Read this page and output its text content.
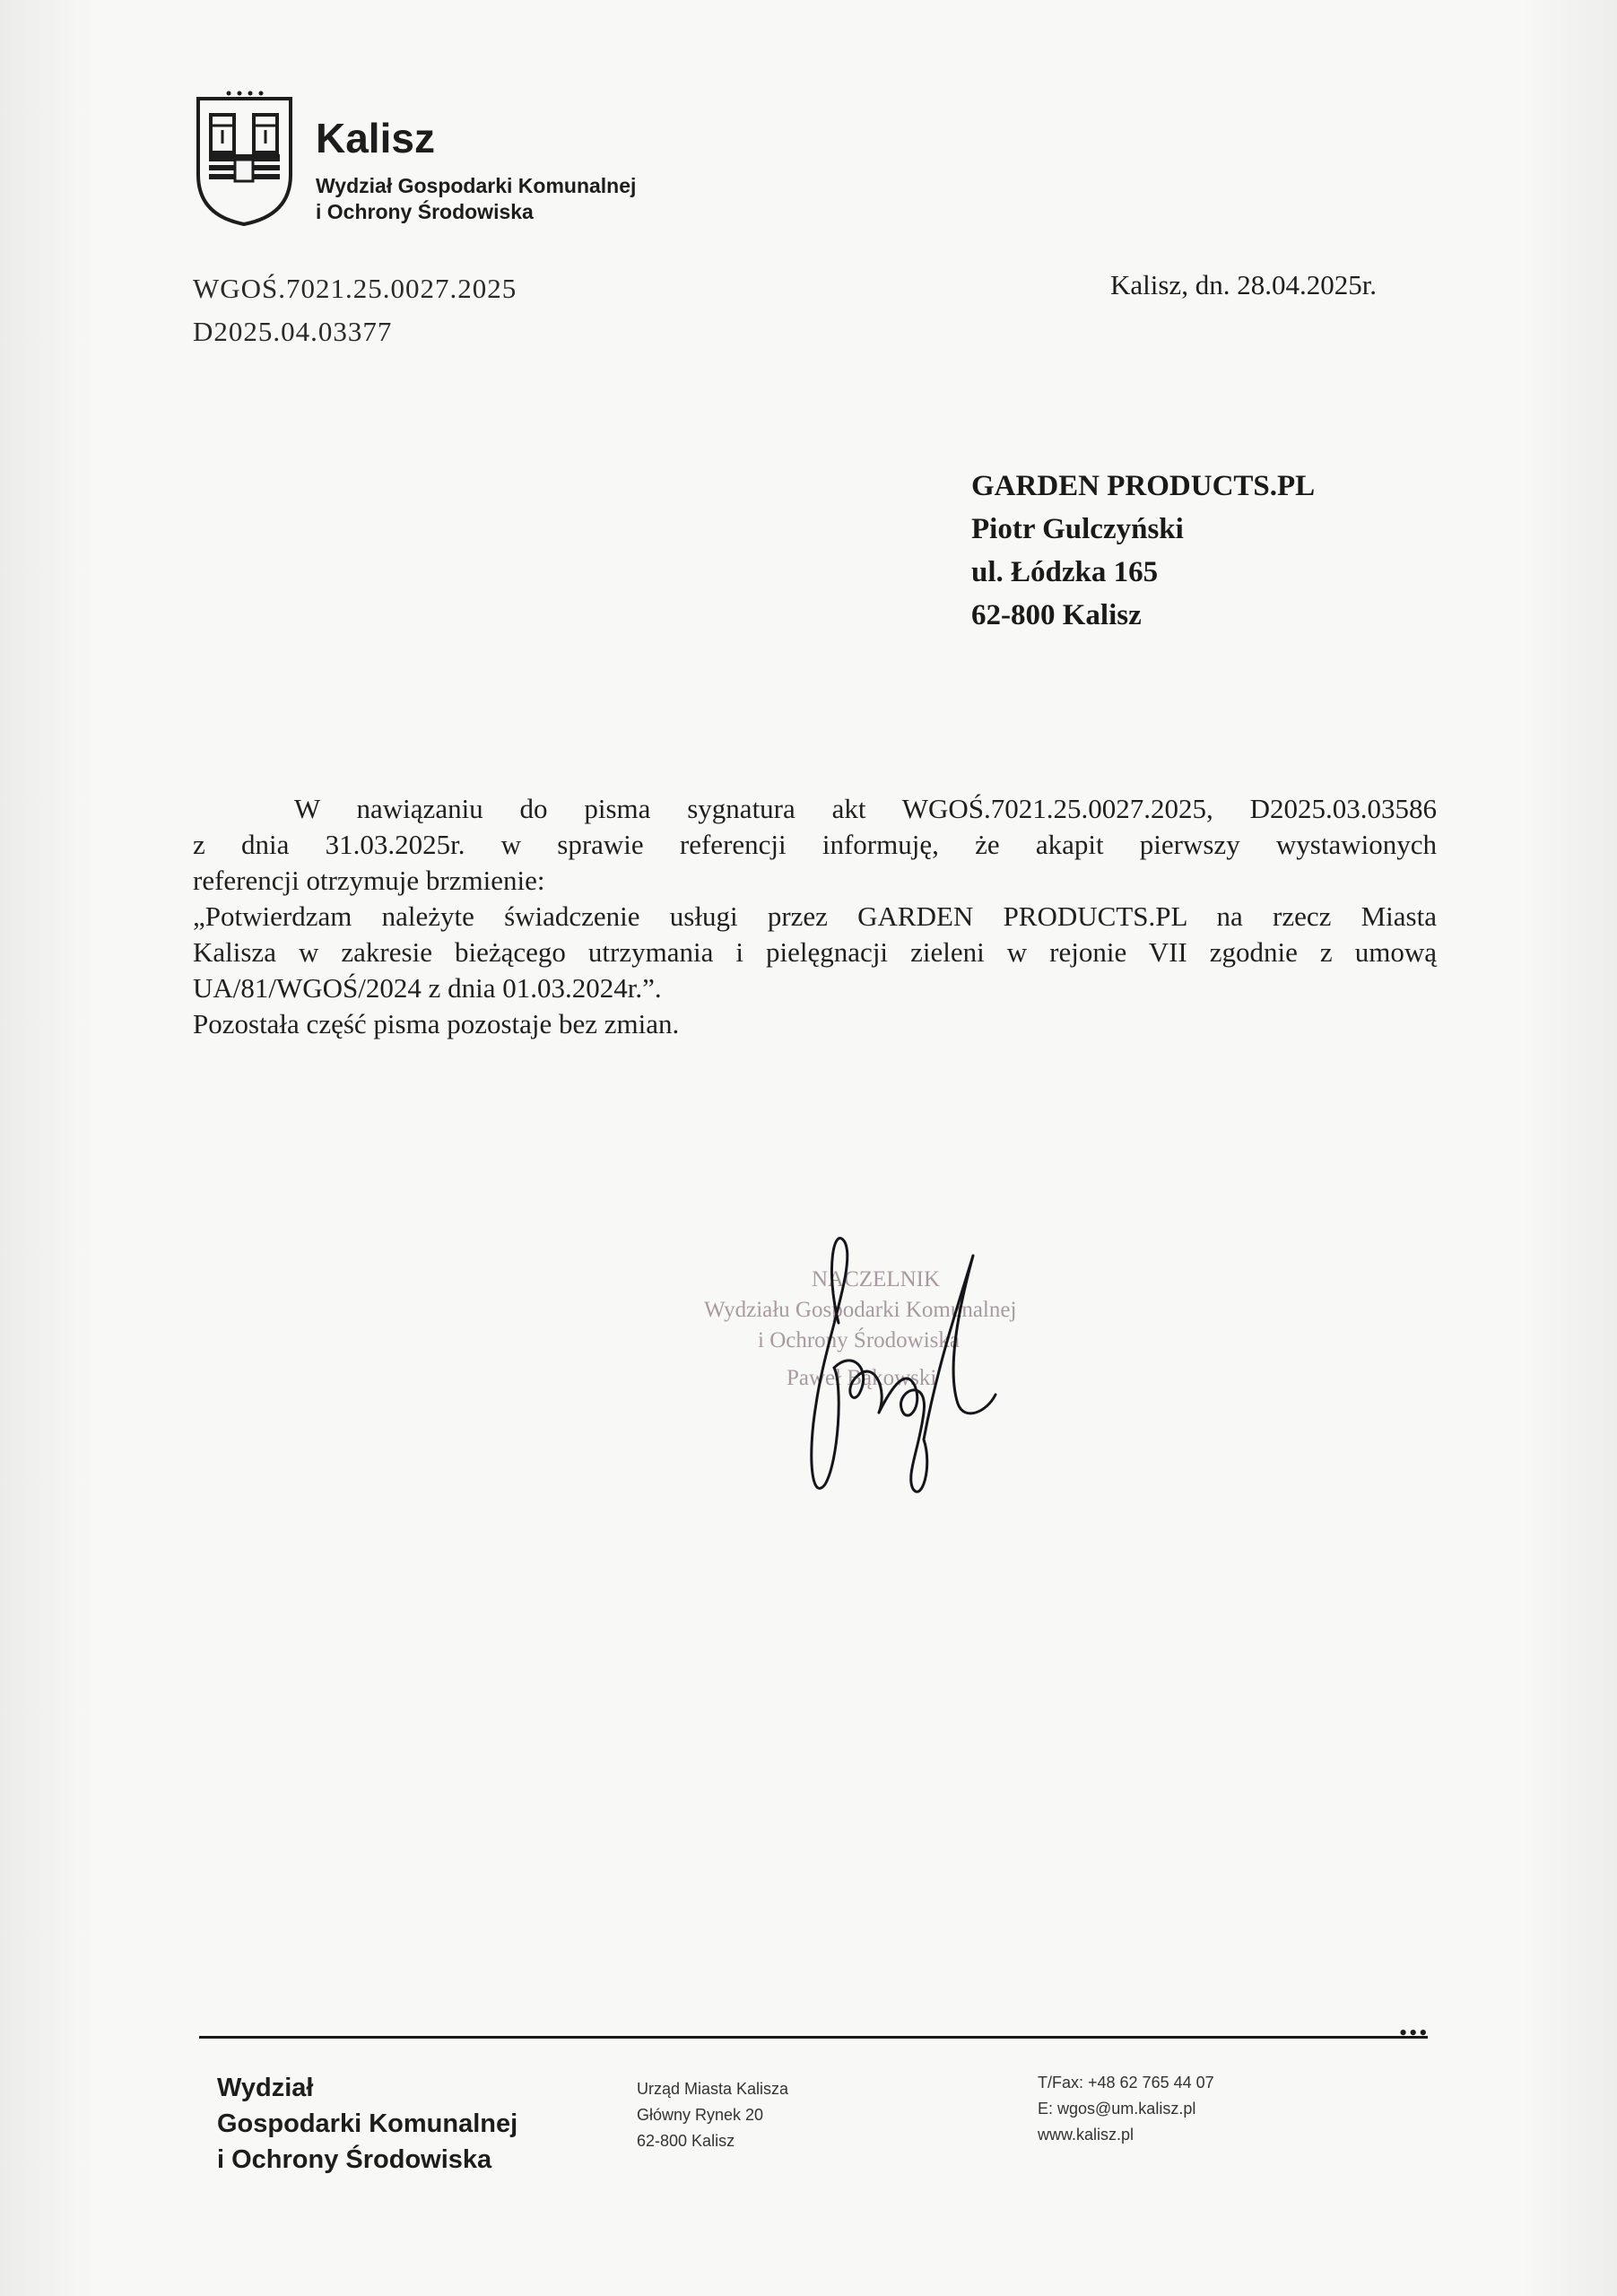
Kalisz
Wydział Gospodarki Komunalnej
i Ochrony Środowiska
WGOŚ.7021.25.0027.2025
D2025.04.03377
Kalisz, dn. 28.04.2025r.
GARDEN PRODUCTS.PL
Piotr Gulczyński
ul. Łódzka 165
62-800 Kalisz

W nawiązaniu do pisma sygnatura akt WGOŚ.7021.25.0027.2025, D2025.03.03586

z dnia 31.03.2025r. w sprawie referencji informuję, że akapit pierwszy wystawionych

referencji otrzymuje brzmienie:

„Potwierdzam należyte świadczenie usługi przez GARDEN PRODUCTS.PL na rzecz Miasta

Kalisza w zakresie bieżącego utrzymania i pielęgnacji zieleni w rejonie VII zgodnie z umową

UA/81/WGOŚ/2024 z dnia 01.03.2024r.”.

Pozostała część pisma pozostaje bez zmian.

NACZELNIK
Wydziału Gospodarki Komunalnej
i Ochrony Środowiska
Paweł Bąkowski
•••
Wydział
Gospodarki Komunalnej
i Ochrony Środowiska
Urząd Miasta Kalisza
Główny Rynek 20
62-800 Kalisz
T/Fax: +48 62 765 44 07
E: wgos@um.kalisz.pl
www.kalisz.pl
